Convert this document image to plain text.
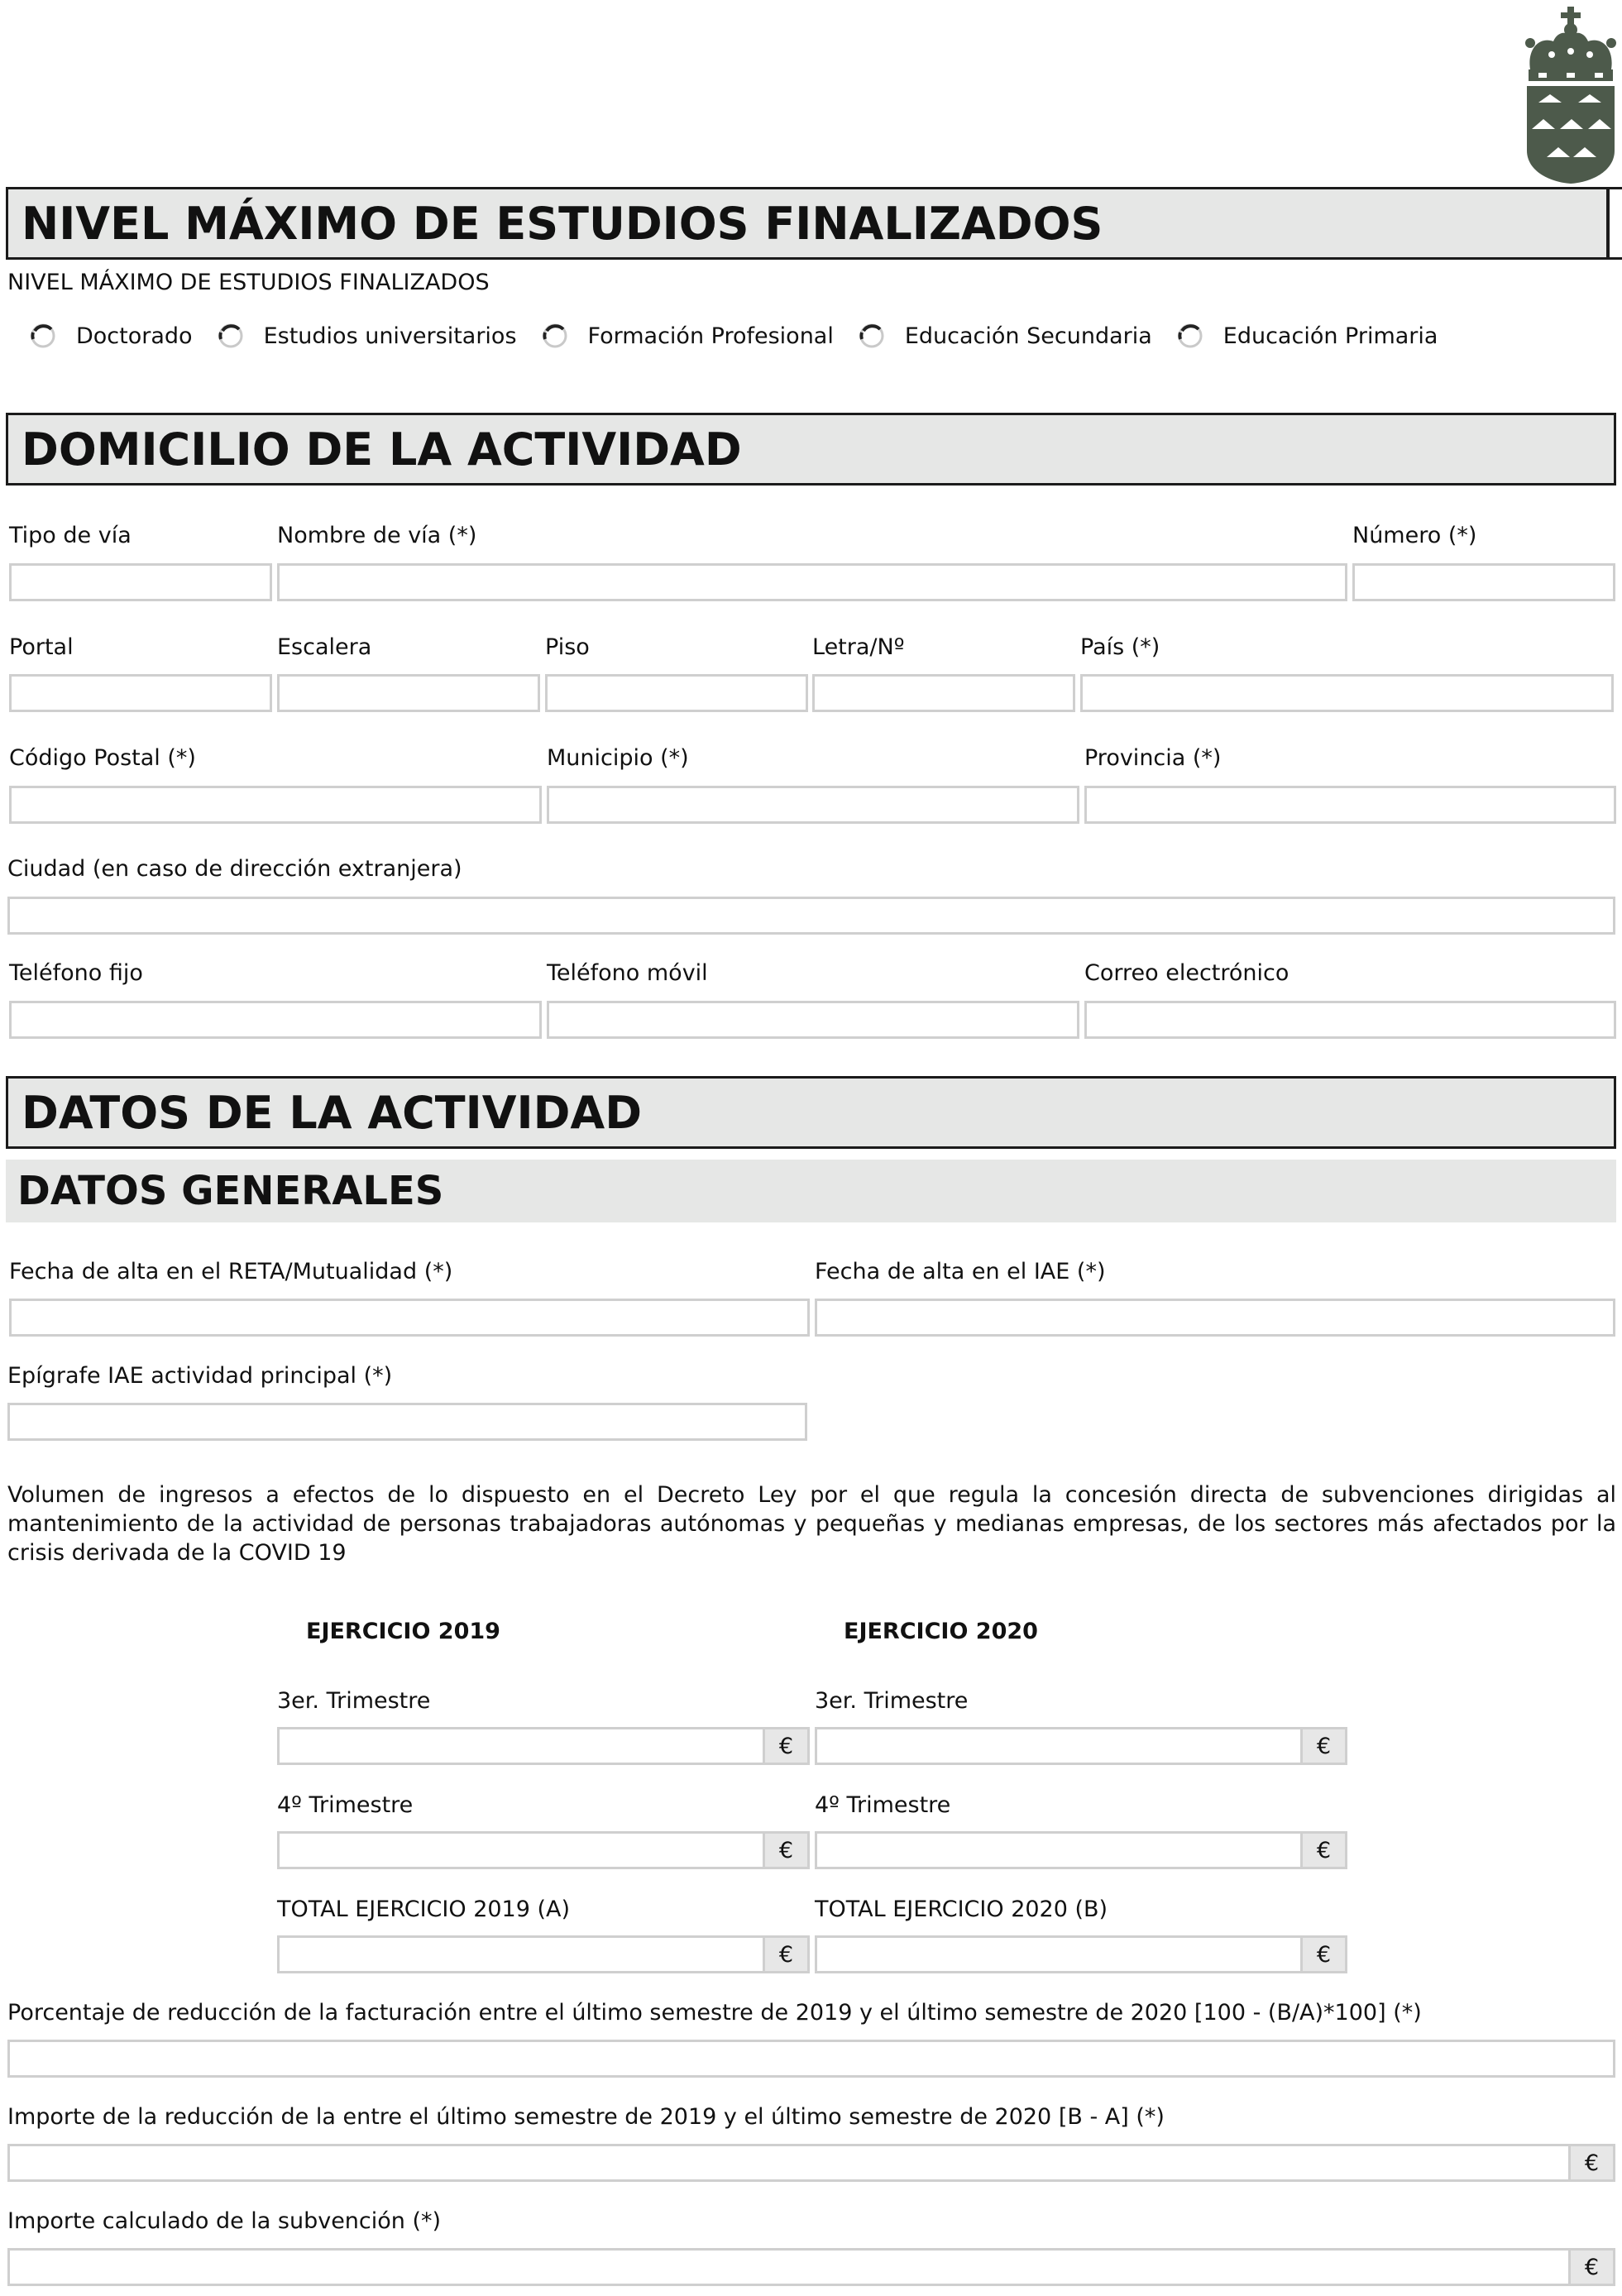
NIVEL MÁXIMO DE ESTUDIOS FINALIZADOS
NIVEL MÁXIMO DE ESTUDIOS FINALIZADOS
Doctorado	Estudios universitarios	Formación Profesional	Educación Secundaria	Educación Primaria
DOMICILIO DE LA ACTIVIDAD
Tipo de vía	Nombre de vía (*)	Número (*)
Portal	Escalera	Piso	Letra/Nº	País (*)
Código Postal (*)	Municipio (*)	Provincia (*)
Ciudad (en caso de dirección extranjera)
Teléfono fijo	Teléfono móvil	Correo electrónico
DATOS DE LA ACTIVIDAD
DATOS GENERALES
Fecha de alta en el RETA/Mutualidad (*)	Fecha de alta en el IAE (*)
Epígrafe IAE actividad principal (*)
Volumen de ingresos a efectos de lo dispuesto en el Decreto Ley por el que regula la concesión directa de subvenciones dirigidas al mantenimiento de la actividad de personas trabajadoras autónomas y pequeñas y medianas empresas, de los sectores más afectados por la crisis derivada de la COVID 19
EJERCICIO 2019	EJERCICIO 2020
3er. Trimestre	3er. Trimestre
€	€
4º Trimestre	4º Trimestre
€	€
TOTAL EJERCICIO 2019 (A)	TOTAL EJERCICIO 2020 (B)
€	€
Porcentaje de reducción de la facturación entre el último semestre de 2019 y el último semestre de 2020 [100 - (B/A)*100] (*)
Importe de la reducción de la entre el último semestre de 2019 y el último semestre de 2020 [B - A] (*)
€
Importe calculado de la subvención (*)
€
